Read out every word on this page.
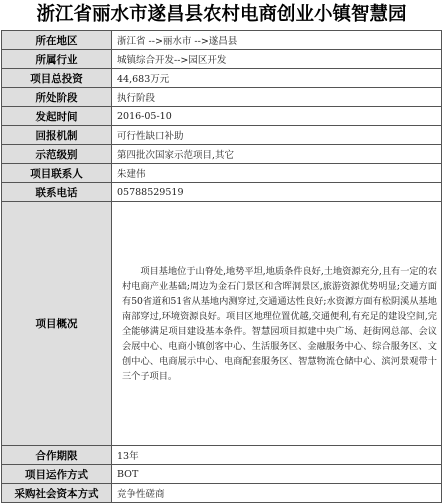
浙江省丽水市遂昌县农村电商创业小镇智慧园
所在地区	浙江省 -->丽水市 -->遂昌县
所属行业	城镇综合开发-->园区开发
项目总投资	44,683万元
所处阶段	执行阶段
发起时间	2016-05-10
回报机制	可行性缺口补助
示范级别	第四批次国家示范项目,其它
项目联系人	朱建伟
联系电话	05788529519
项目概况	项目基地位于山脊处,地势平坦,地质条件良好,土地资源充分,且有一定的农村电商产业基础;周边为金石门景区和含晖洞景区,旅游资源优势明显;交通方面有50省道和51省从基地内测穿过,交通通达性良好;水资源方面有松阴溪从基地南部穿过,环境资源良好。项目区地理位置优越,交通便利,有充足的建设空间,完全能够满足项目建设基本条件。智慧园项目拟建中央广场、赶街网总部、会议会展中心、电商小镇创客中心、生活服务区、金融服务中心、综合服务区、文创中心、电商展示中心、电商配套服务区、智慧物流仓储中心、滨河景观带十三个子项目。

合作期限	13年
项目运作方式	BOT
采购社会资本方式	竞争性磋商
